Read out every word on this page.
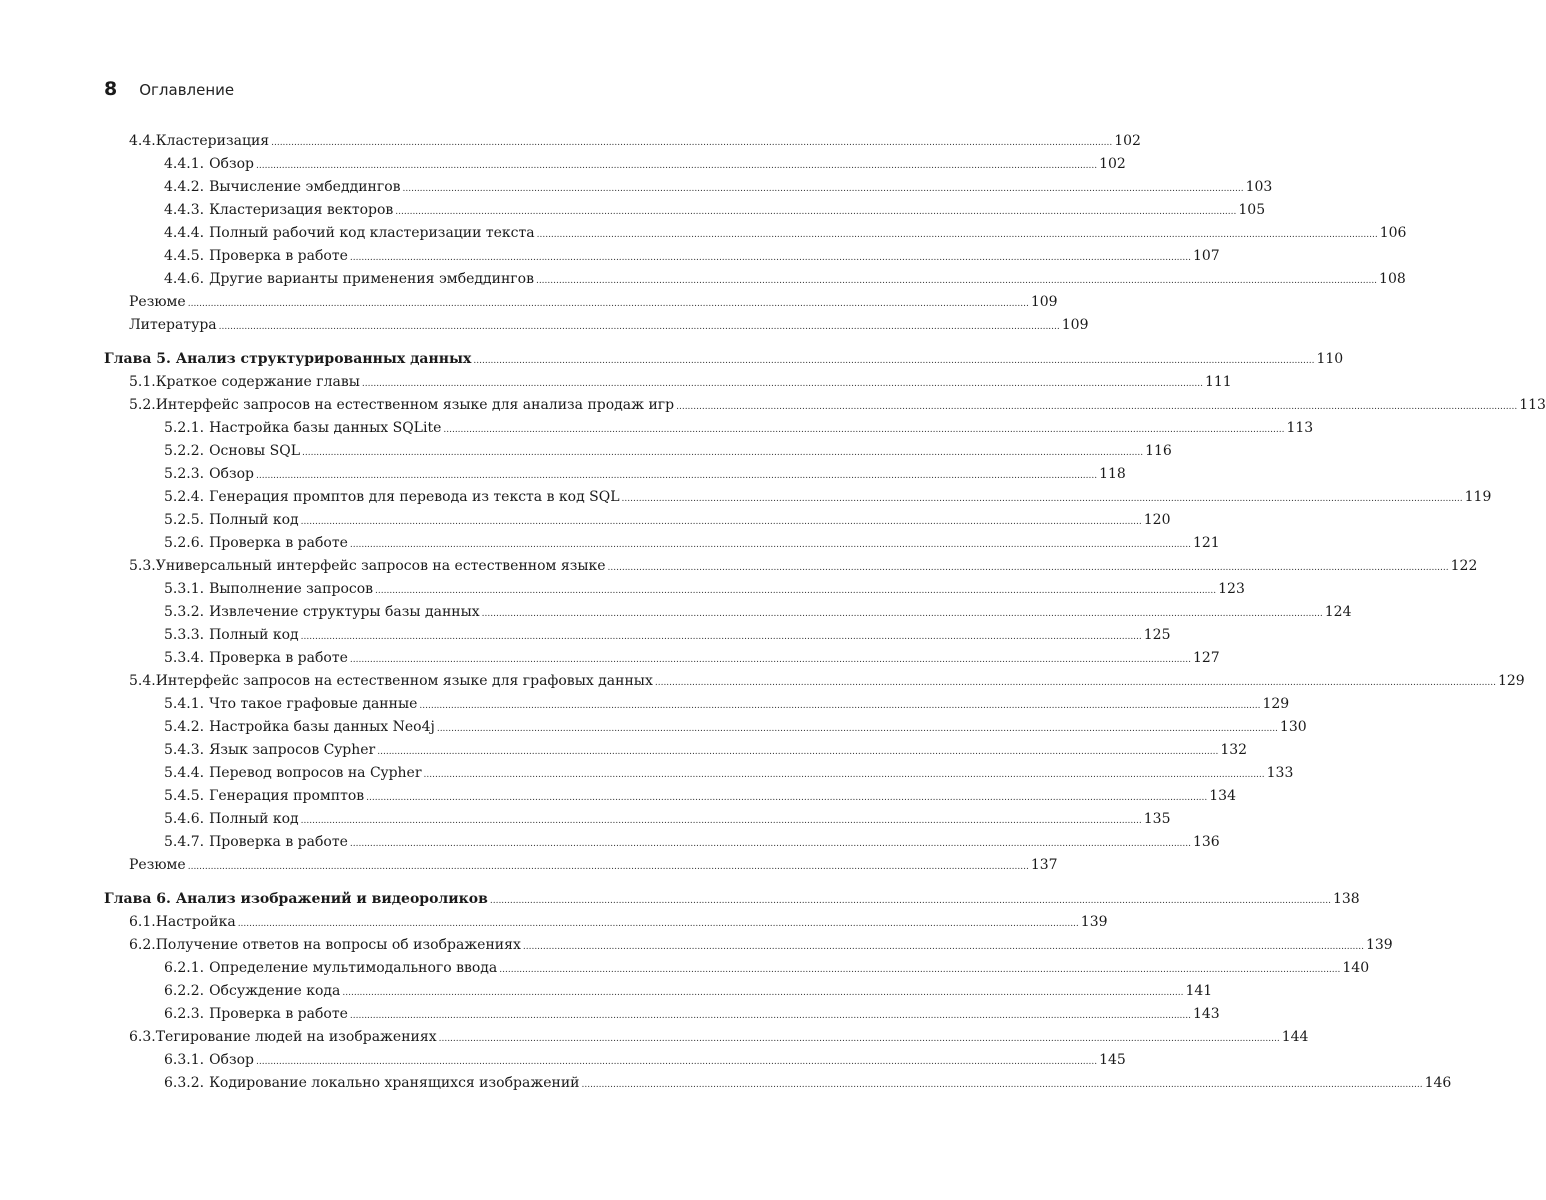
8 Оглавление
4.4. Кластеризация .....	102
4.4.1. Обзор .....	102
4.4.2. Вычисление эмбеддингов .....	103
4.4.3. Кластеризация векторов .....	105
4.4.4. Полный рабочий код кластеризации текста .....	106
4.4.5. Проверка в работе .....	107
4.4.6. Другие варианты применения эмбеддингов .....	108
Резюме .....	109
Литература .....	109
Глава 5. Анализ структурированных данных .....	110
5.1. Краткое содержание главы .....	111
5.2. Интерфейс запросов на естественном языке для анализа продаж игр .....	113
5.2.1. Настройка базы данных SQLite .....	113
5.2.2. Основы SQL .....	116
5.2.3. Обзор .....	118
5.2.4. Генерация промптов для перевода из текста в код SQL .....	119
5.2.5. Полный код .....	120
5.2.6. Проверка в работе .....	121
5.3. Универсальный интерфейс запросов на естественном языке .....	122
5.3.1. Выполнение запросов .....	123
5.3.2. Извлечение структуры базы данных .....	124
5.3.3. Полный код .....	125
5.3.4. Проверка в работе .....	127
5.4. Интерфейс запросов на естественном языке для графовых данных .....	129
5.4.1. Что такое графовые данные .....	129
5.4.2. Настройка базы данных Neo4j .....	130
5.4.3. Язык запросов Cypher .....	132
5.4.4. Перевод вопросов на Cypher .....	133
5.4.5. Генерация промптов .....	134
5.4.6. Полный код .....	135
5.4.7. Проверка в работе .....	136
Резюме .....	137
Глава 6. Анализ изображений и видеороликов .....	138
6.1. Настройка .....	139
6.2. Получение ответов на вопросы об изображениях .....	139
6.2.1. Определение мультимодального ввода .....	140
6.2.2. Обсуждение кода .....	141
6.2.3. Проверка в работе .....	143
6.3. Тегирование людей на изображениях .....	144
6.3.1. Обзор .....	145
6.3.2. Кодирование локально хранящихся изображений .....	146
